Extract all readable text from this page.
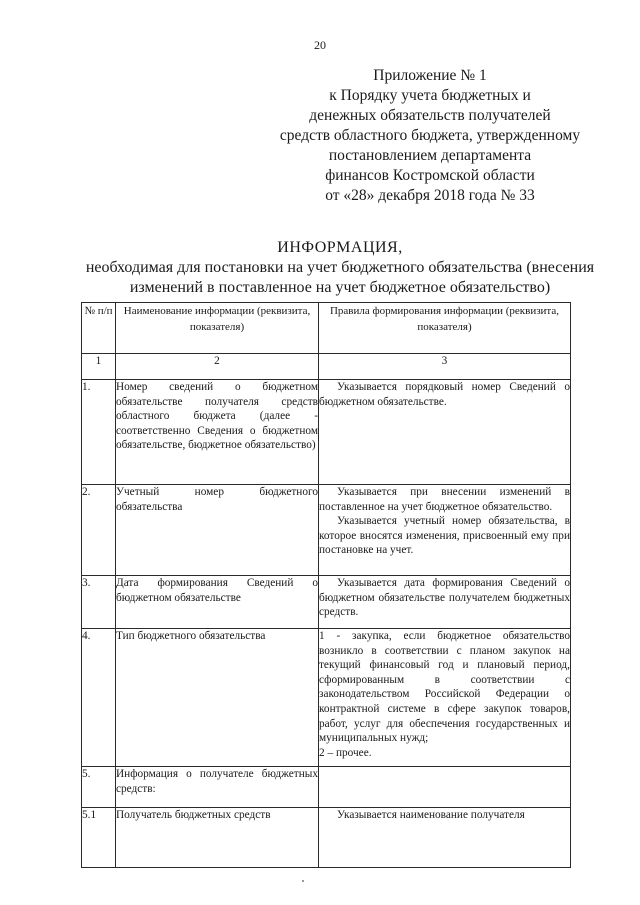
20
Приложение № 1
к Порядку учета бюджетных и
денежных обязательств получателей
средств областного бюджета, утвержденному
постановлением департамента
финансов Костромской области
от «28» декабря 2018 года № 33
ИНФОРМАЦИЯ,
необходимая для постановки на учет бюджетного обязательства (внесения
изменений в поставленное на учет бюджетное обязательство)
№ п/п	Наименование информации (реквизита, показателя)	Правила формирования информации (реквизита, показателя)
1	2	3
1.	Номер сведений о бюджетном обязательстве получателя средств областного бюджета (далее - соответственно Сведения о бюджетном обязательстве, бюджетное обязательство)	Указывается порядковый номер Сведений о бюджетном обязательстве.

2.	Учетный номер бюджетного обязательства	Указывается при внесении изменений в поставленное на учет бюджетное обязательство.

Указывается учетный номер обязательства, в которое вносятся изменения, присвоенный ему при постановке на учет.

3.	Дата формирования Сведений о бюджетном обязательстве	Указывается дата формирования Сведений о бюджетном обязательстве получателем бюджетных средств.

4.	Тип бюджетного обязательства	1 - закупка, если бюджетное обязательство возникло в соответствии с планом закупок на текущий финансовый год и плановый период, сформированным в соответствии с законодательством Российской Федерации о контрактной системе в сфере закупок товаров, работ, услуг для обеспечения государственных и муниципальных нужд;

2 – прочее.

5.	Информация о получателе бюджетных средств:	
5.1	Получатель бюджетных средств	Указывается наименование получателя
